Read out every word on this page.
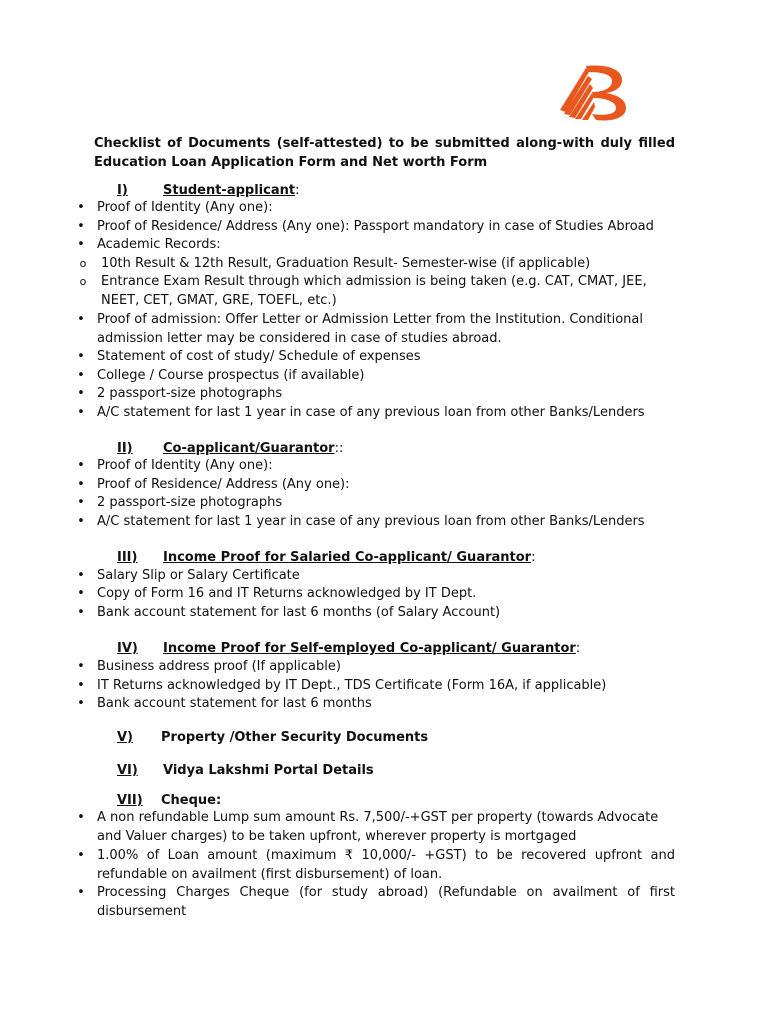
Checklist of Documents (self-attested) to be submitted along-with duly filled
Education Loan Application Form and Net worth Form
I)	Student-applicant:
• Proof of Identity (Any one):
• Proof of Residence/ Address (Any one): Passport mandatory in case of Studies Abroad
• Academic Records:
o 10th Result & 12th Result, Graduation Result- Semester-wise (if applicable)
o Entrance Exam Result through which admission is being taken (e.g. CAT, CMAT, JEE,
NEET, CET, GMAT, GRE, TOEFL, etc.)
• Proof of admission: Offer Letter or Admission Letter from the Institution. Conditional
admission letter may be considered in case of studies abroad.
• Statement of cost of study/ Schedule of expenses
• College / Course prospectus (if available)
• 2 passport-size photographs
• A/C statement for last 1 year in case of any previous loan from other Banks/Lenders
II) Co-applicant/Guarantor::
• Proof of Identity (Any one):
• Proof of Residence/ Address (Any one):
• 2 passport-size photographs
• A/C statement for last 1 year in case of any previous loan from other Banks/Lenders
III) Income Proof for Salaried Co-applicant/ Guarantor:
• Salary Slip or Salary Certificate
• Copy of Form 16 and IT Returns acknowledged by IT Dept.
• Bank account statement for last 6 months (of Salary Account)
IV) Income Proof for Self-employed Co-applicant/ Guarantor:
• Business address proof (If applicable)
• IT Returns acknowledged by IT Dept., TDS Certificate (Form 16A, if applicable)
• Bank account statement for last 6 months
V) Property /Other Security Documents
VI) Vidya Lakshmi Portal Details
VII) Cheque:
• A non refundable Lump sum amount Rs. 7,500/-+GST per property (towards Advocate
and Valuer charges) to be taken upfront, wherever property is mortgaged
• 1.00% of Loan amount (maximum ₹ 10,000/- +GST) to be recovered upfront and
refundable on availment (first disbursement) of loan.
• Processing Charges Cheque (for study abroad) (Refundable on availment of first
disbursement
